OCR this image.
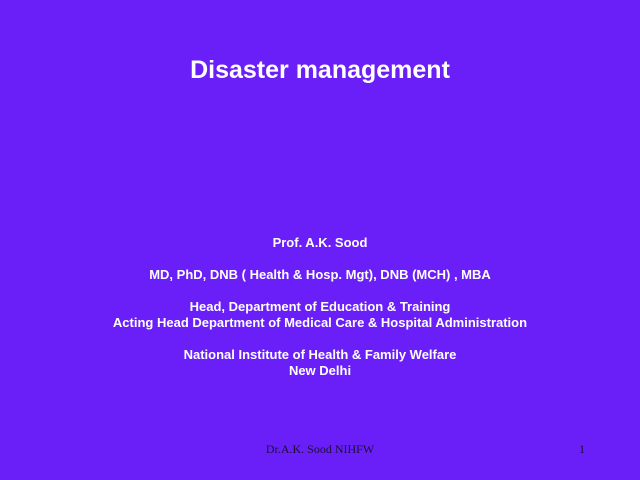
Disaster management
Prof. A.K. Sood
MD, PhD, DNB ( Health & Hosp. Mgt), DNB (MCH) , MBA
Head, Department of Education & Training
Acting Head Department of Medical Care & Hospital Administration
National Institute of Health & Family Welfare
New Delhi
Dr.A.K. Sood NIHFW	1
